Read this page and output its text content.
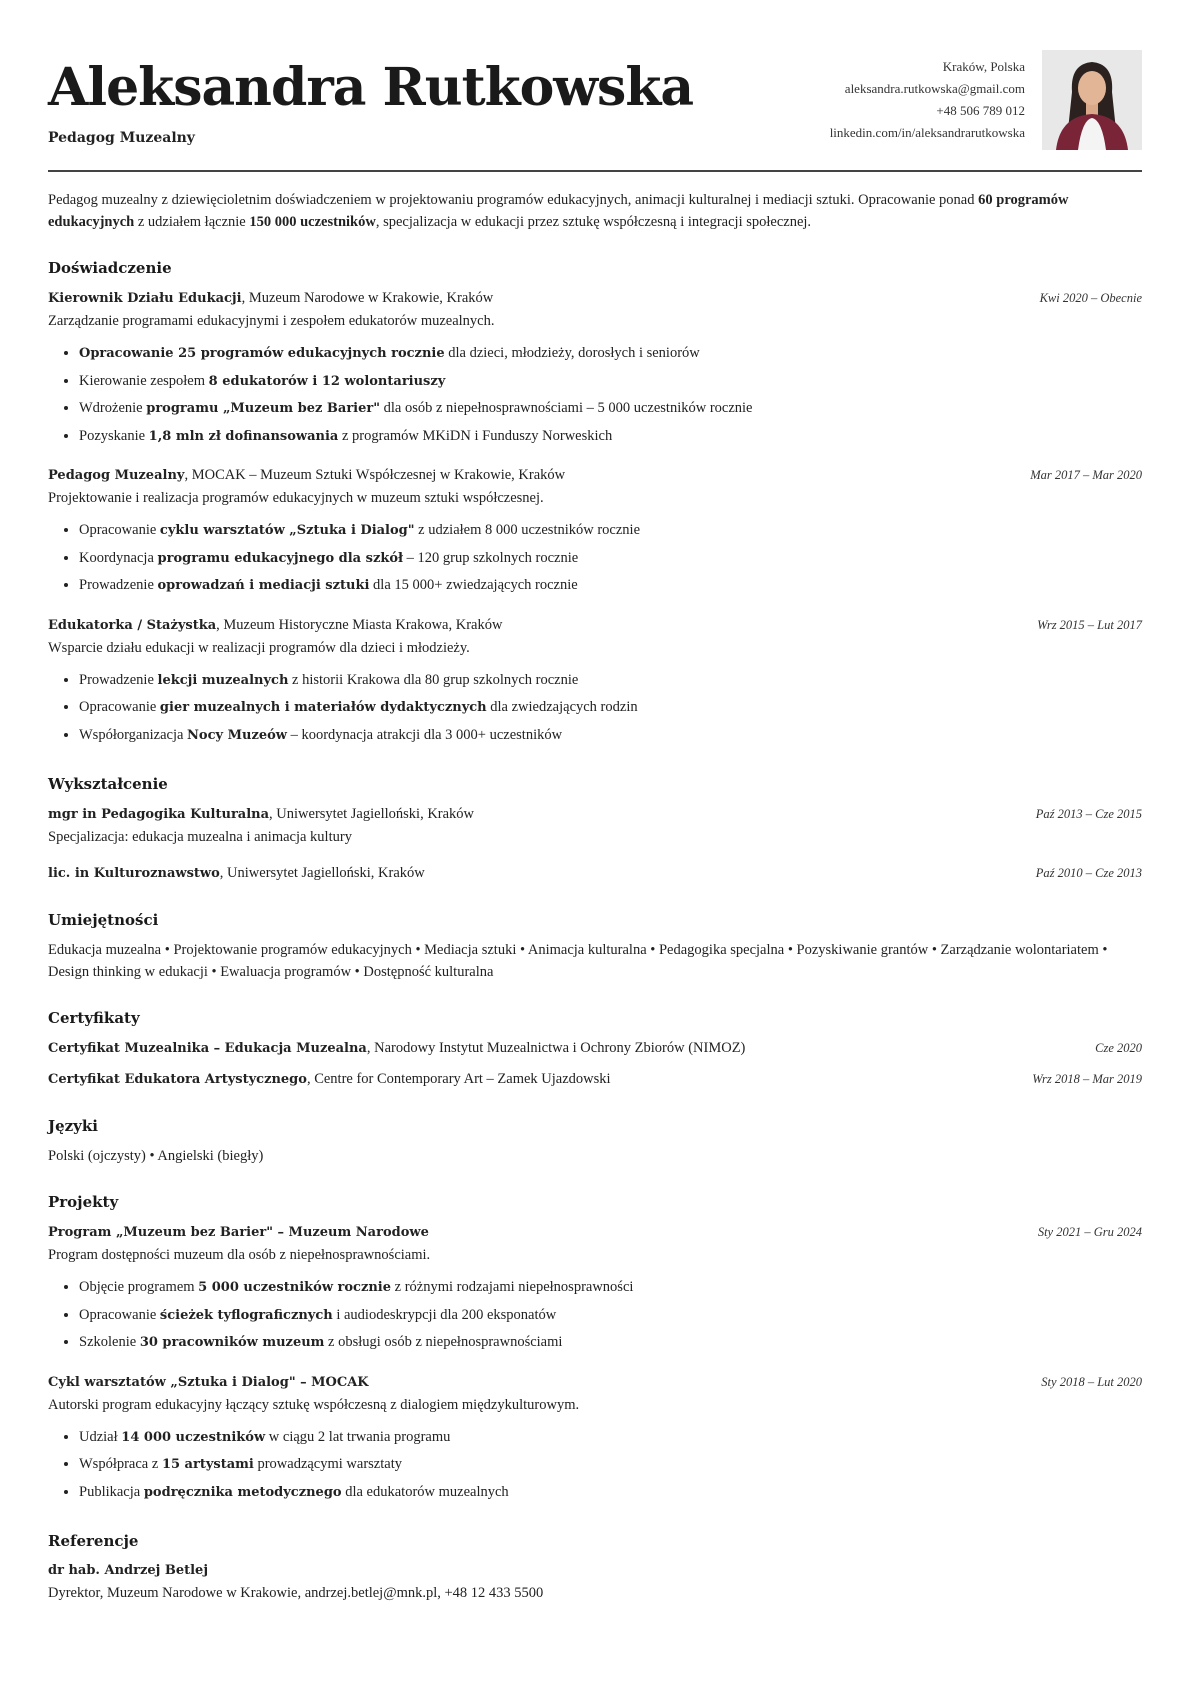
Aleksandra Rutkowska
Pedagog Muzealny
Kraków, Polska
aleksandra.rutkowska@gmail.com
+48 506 789 012
linkedin.com/in/aleksandrarutkowska
Pedagog muzealny z dziewięcioletnim doświadczeniem w projektowaniu programów edukacyjnych, animacji kulturalnej i mediacji sztuki. Opracowanie ponad 60 programów edukacyjnych z udziałem łącznie 150 000 uczestników, specjalizacja w edukacji przez sztukę współczesną i integracji społecznej.
Doświadczenie
Kierownik Działu Edukacji, Muzeum Narodowe w Krakowie, Kraków	Kwi 2020 – Obecnie
Zarządzanie programami edukacyjnymi i zespołem edukatorów muzealnych.
• Opracowanie 25 programów edukacyjnych rocznie dla dzieci, młodzieży, dorosłych i seniorów
• Kierowanie zespołem 8 edukatorów i 12 wolontariuszy
• Wdrożenie programu „Muzeum bez Barier" dla osób z niepełnosprawnościami – 5 000 uczestników rocznie
• Pozyskanie 1,8 mln zł dofinansowania z programów MKiDN i Funduszy Norweskich
Pedagog Muzealny, MOCAK – Muzeum Sztuki Współczesnej w Krakowie, Kraków	Mar 2017 – Mar 2020
Projektowanie i realizacja programów edukacyjnych w muzeum sztuki współczesnej.
• Opracowanie cyklu warsztatów „Sztuka i Dialog" z udziałem 8 000 uczestników rocznie
• Koordynacja programu edukacyjnego dla szkół – 120 grup szkolnych rocznie
• Prowadzenie oprowadzań i mediacji sztuki dla 15 000+ zwiedzających rocznie
Edukatorka / Stażystka, Muzeum Historyczne Miasta Krakowa, Kraków	Wrz 2015 – Lut 2017
Wsparcie działu edukacji w realizacji programów dla dzieci i młodzieży.
• Prowadzenie lekcji muzealnych z historii Krakowa dla 80 grup szkolnych rocznie
• Opracowanie gier muzealnych i materiałów dydaktycznych dla zwiedzających rodzin
• Współorganizacja Nocy Muzeów – koordynacja atrakcji dla 3 000+ uczestników
Wykształcenie
mgr in Pedagogika Kulturalna, Uniwersytet Jagielloński, Kraków	Paź 2013 – Cze 2015
Specjalizacja: edukacja muzealna i animacja kultury
lic. in Kulturoznawstwo, Uniwersytet Jagielloński, Kraków	Paź 2010 – Cze 2013
Umiejętności
Edukacja muzealna • Projektowanie programów edukacyjnych • Mediacja sztuki • Animacja kulturalna • Pedagogika specjalna • Pozyskiwanie grantów • Zarządzanie wolontariatem • Design thinking w edukacji • Ewaluacja programów • Dostępność kulturalna
Certyfikaty
Certyfikat Muzealnika – Edukacja Muzealna, Narodowy Instytut Muzealnictwa i Ochrony Zbiorów (NIMOZ)	Cze 2020
Certyfikat Edukatora Artystycznego, Centre for Contemporary Art – Zamek Ujazdowski	Wrz 2018 – Mar 2019
Języki
Polski (ojczysty) • Angielski (biegły)
Projekty
Program „Muzeum bez Barier" – Muzeum Narodowe	Sty 2021 – Gru 2024
Program dostępności muzeum dla osób z niepełnosprawnościami.
• Objęcie programem 5 000 uczestników rocznie z różnymi rodzajami niepełnosprawności
• Opracowanie ścieżek tyflograficznych i audiodeskrypcji dla 200 eksponatów
• Szkolenie 30 pracowników muzeum z obsługi osób z niepełnosprawnościami
Cykl warsztatów „Sztuka i Dialog" – MOCAK	Sty 2018 – Lut 2020
Autorski program edukacyjny łączący sztukę współczesną z dialogiem międzykulturowym.
• Udział 14 000 uczestników w ciągu 2 lat trwania programu
• Współpraca z 15 artystami prowadzącymi warsztaty
• Publikacja podręcznika metodycznego dla edukatorów muzealnych
Referencje
dr hab. Andrzej Betlej
Dyrektor, Muzeum Narodowe w Krakowie, andrzej.betlej@mnk.pl, +48 12 433 5500
